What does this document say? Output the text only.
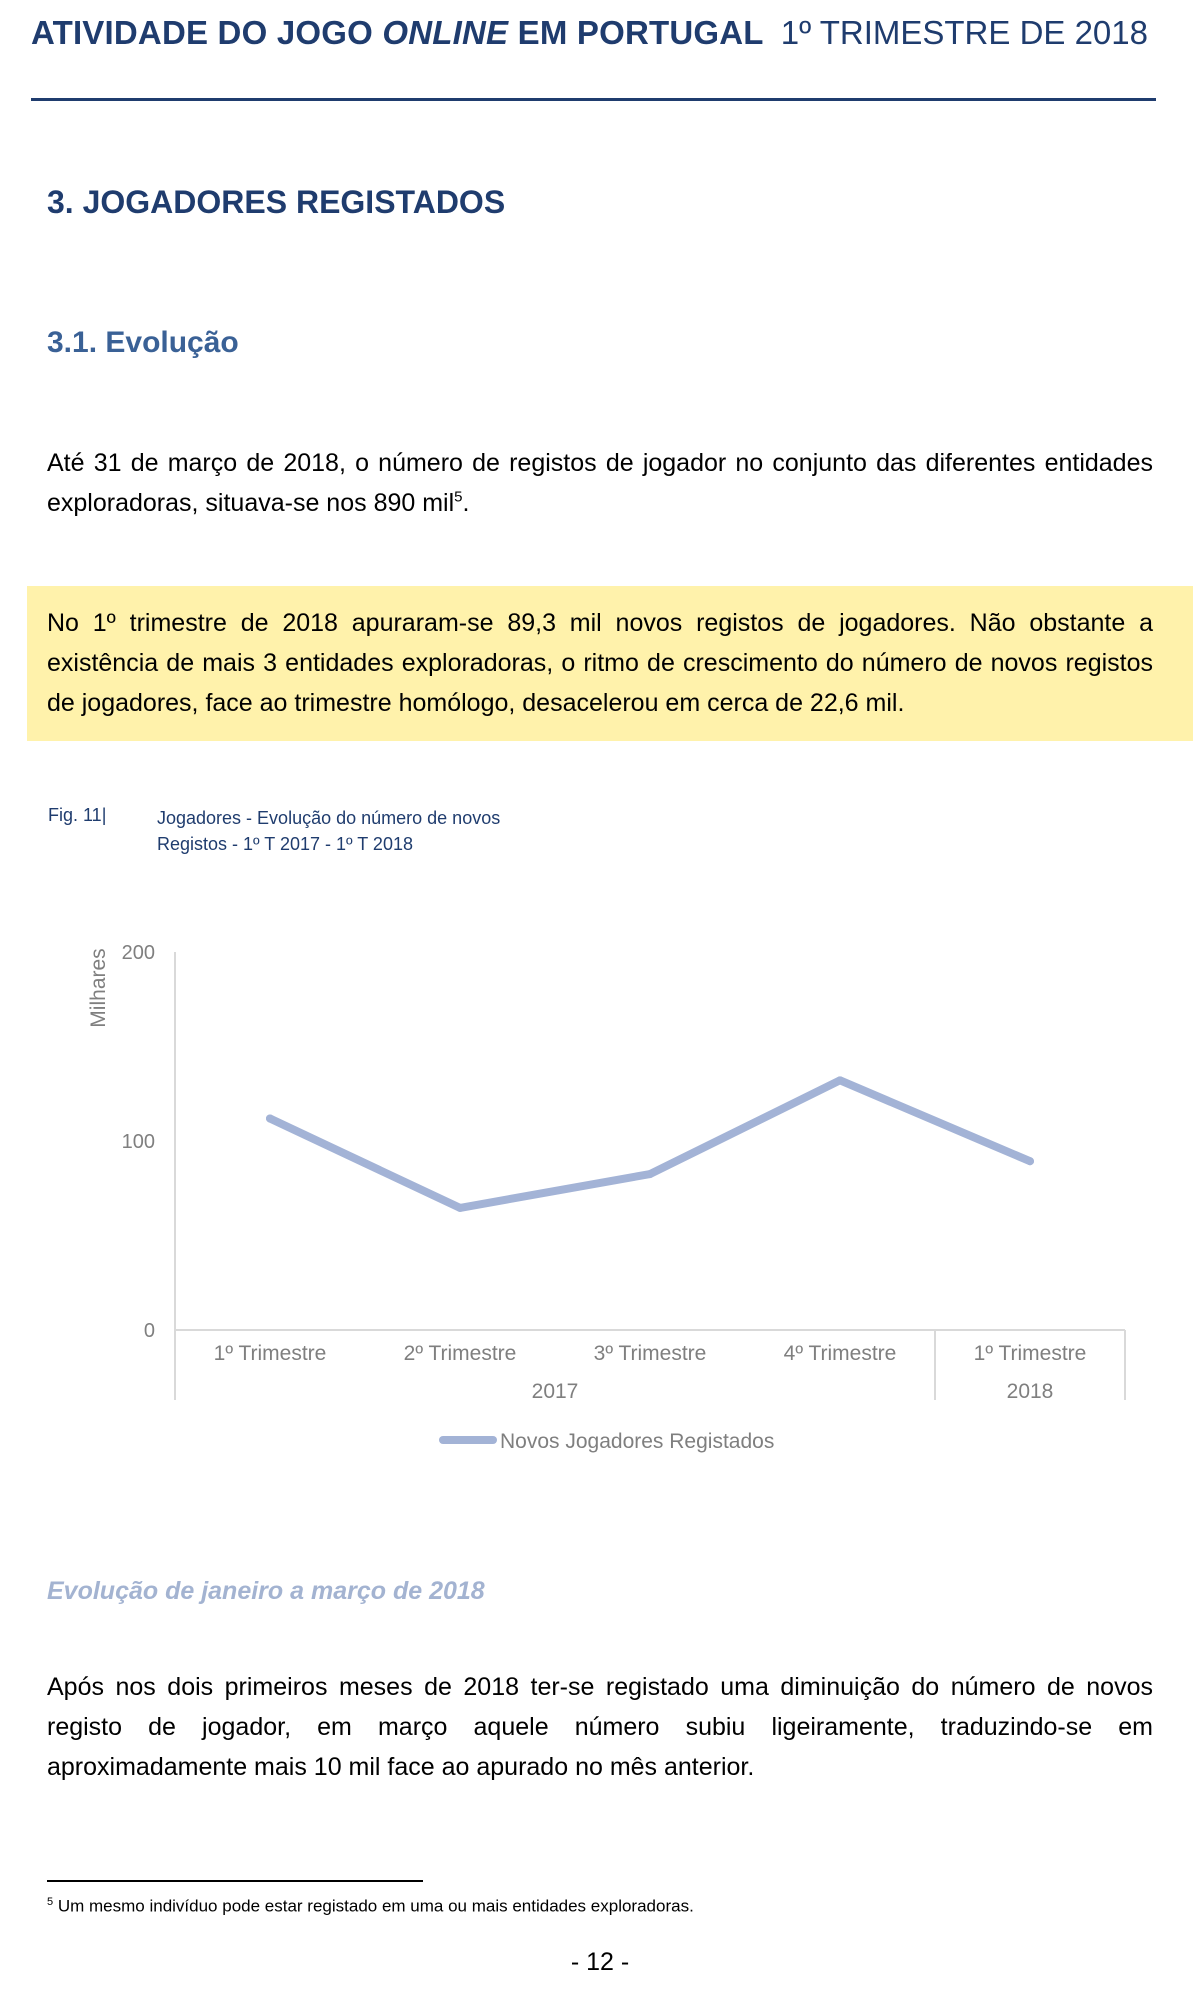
ATIVIDADE DO JOGO ONLINE EM PORTUGAL 1º TRIMESTRE DE 2018
3. JOGADORES REGISTADOS
3.1. Evolução
Até 31 de março de 2018, o número de registos de jogador no conjunto das diferentes entidades exploradoras, situava-se nos 890 mil$^5$.
No 1º trimestre de 2018 apuraram-se 89,3 mil novos registos de jogadores. Não obstante a existência de mais 3 entidades exploradoras, o ritmo de crescimento do número de novos registos de jogadores, face ao trimestre homólogo, desacelerou em cerca de 22,6 mil.
Fig. 11|	Jogadores - Evolução do número de novos
Registos - 1º T 2017 - 1º T 2018
Milhares 200
100
0
1º Trimestre	2º Trimestre	3º Trimestre	4º Trimestre	1º Trimestre
2017	2018
Novos Jogadores Registados
Evolução de janeiro a março de 2018
Após nos dois primeiros meses de 2018 ter-se registado uma diminuição do número de novos registo de jogador, em março aquele número subiu ligeiramente, traduzindo-se em aproximadamente mais 10 mil face ao apurado no mês anterior.
$^5$ Um mesmo indivíduo pode estar registado em uma ou mais entidades exploradoras.
- 12 -
